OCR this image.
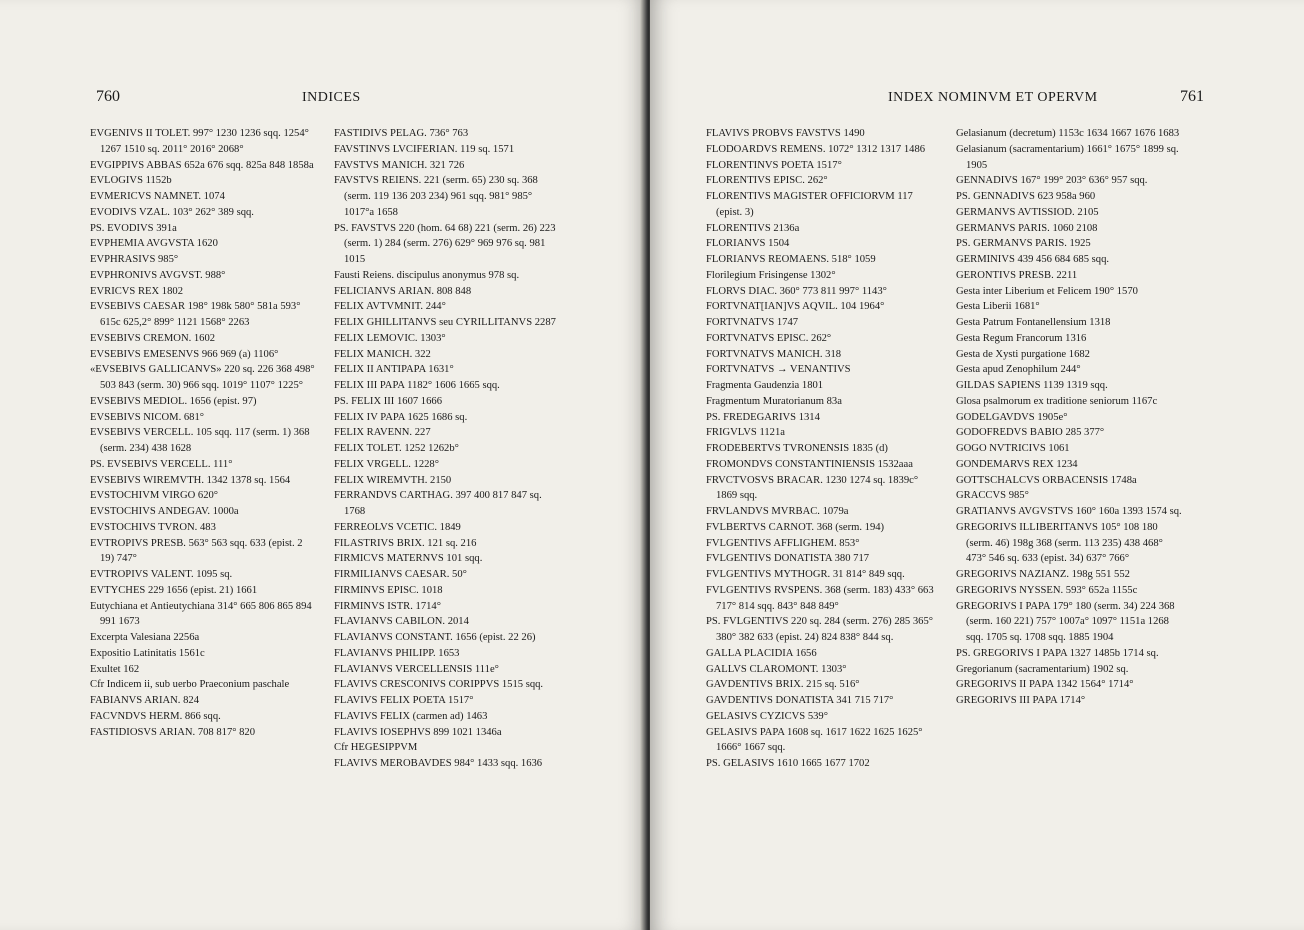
760	INDICES
EVGENIVS II TOLET. 997° 1230 1236 sqq. 1254° 1267 1510 sq. 2011° 2016° 2068°
EVGIPPIVS ABBAS 652a 676 sqq. 825a 848 1858a
EVLOGIVS 1152b
EVMERICVS NAMNET. 1074
EVODIVS VZAL. 103° 262° 389 sqq.
PS. EVODIVS 391a
EVPHEMIA AVGVSTA 1620
EVPHRASIVS 985°
EVPHRONIVS AVGVST. 988°
EVRICVS REX 1802
EVSEBIVS CAESAR 198° 198k 580° 581a 593° 615c 625,2° 899° 1121 1568° 2263
EVSEBIVS CREMON. 1602
EVSEBIVS EMESENVS 966 969 (a) 1106°
«EVSEBIVS GALLICANVS» 220 sq. 226 368 498° 503 843 (serm. 30) 966 sqq. 1019° 1107° 1225°
EVSEBIVS MEDIOL. 1656 (epist. 97)
EVSEBIVS NICOM. 681°
EVSEBIVS VERCELL. 105 sqq. 117 (serm. 1) 368 (serm. 234) 438 1628
PS. EVSEBIVS VERCELL. 111°
EVSEBIVS WIREMVTH. 1342 1378 sq. 1564
EVSTOCHIVM VIRGO 620°
EVSTOCHIVS ANDEGAV. 1000a
EVSTOCHIVS TVRON. 483
EVTROPIVS PRESB. 563° 563 sqq. 633 (epist. 2 19) 747°
EVTROPIVS VALENT. 1095 sq.
EVTYCHES 229 1656 (epist. 21) 1661
Eutychiana et Antieutychiana 314° 665 806 865 894 991 1673
Excerpta Valesiana 2256a
Expositio Latinitatis 1561c
Exultet 162
Cfr Indicem ii, sub uerbo Praeconium paschale
FABIANVS ARIAN. 824
FACVNDVS HERM. 866 sqq.
FASTIDIOSVS ARIAN. 708 817° 820
FASTIDIVS PELAG. 736° 763
FAVSTINVS LVCIFERIAN. 119 sq. 1571
FAVSTVS MANICH. 321 726
FAVSTVS REIENS. 221 (serm. 65) 230 sq. 368 (serm. 119 136 203 234) 961 sqq. 981° 985° 1017°a 1658
PS. FAVSTVS 220 (hom. 64 68) 221 (serm. 26) 223 (serm. 1) 284 (serm. 276) 629° 969 976 sq. 981 1015
Fausti Reiens. discipulus anonymus 978 sq.
FELICIANVS ARIAN. 808 848
FELIX AVTVMNIT. 244°
FELIX GHILLITANVS seu CYRILLITANVS 2287
FELIX LEMOVIC. 1303°
FELIX MANICH. 322
FELIX II ANTIPAPA 1631°
FELIX III PAPA 1182° 1606 1665 sqq.
PS. FELIX III 1607 1666
FELIX IV PAPA 1625 1686 sq.
FELIX RAVENN. 227
FELIX TOLET. 1252 1262b°
FELIX VRGELL. 1228°
FELIX WIREMVTH. 2150
FERRANDVS CARTHAG. 397 400 817 847 sq. 1768
FERREOLVS VCETIC. 1849
FILASTRIVS BRIX. 121 sq. 216
FIRMICVS MATERNVS 101 sqq.
FIRMILIANVS CAESAR. 50°
FIRMINVS EPISC. 1018
FIRMINVS ISTR. 1714°
FLAVIANVS CABILON. 2014
FLAVIANVS CONSTANT. 1656 (epist. 22 26)
FLAVIANVS PHILIPP. 1653
FLAVIANVS VERCELLENSIS 111e°
FLAVIVS CRESCONIVS CORIPPVS 1515 sqq.
FLAVIVS FELIX POETA 1517°
FLAVIVS FELIX (carmen ad) 1463
FLAVIVS IOSEPHVS 899 1021 1346a
Cfr HEGESIPPVM
FLAVIVS MEROBAVDES 984° 1433 sqq. 1636
INDEX NOMINVM ET OPERVM	761
FLAVIVS PROBVS FAVSTVS 1490
FLODOARDVS REMENS. 1072° 1312 1317 1486
FLORENTINVS POETA 1517°
FLORENTIVS EPISC. 262°
FLORENTIVS MAGISTER OFFICIORVM 117 (epist. 3)
FLORENTIVS 2136a
FLORIANVS 1504
FLORIANVS REOMAENS. 518° 1059
Florilegium Frisingense 1302°
FLORVS DIAC. 360° 773 811 997° 1143°
FORTVNAT[IAN]VS AQVIL. 104 1964°
FORTVNATVS 1747
FORTVNATVS EPISC. 262°
FORTVNATVS MANICH. 318
FORTVNATVS → VENANTIVS
Fragmenta Gaudenzia 1801
Fragmentum Muratorianum 83a
PS. FREDEGARIVS 1314
FRIGVLVS 1121a
FRODEBERTVS TVRONENSIS 1835 (d)
FROMONDVS CONSTANTINIENSIS 1532aaa
FRVCTVOSVS BRACAR. 1230 1274 sq. 1839c° 1869 sqq.
FRVLANDVS MVRBAC. 1079a
FVLBERTVS CARNOT. 368 (serm. 194)
FVLGENTIVS AFFLIGHEM. 853°
FVLGENTIVS DONATISTA 380 717
FVLGENTIVS MYTHOGR. 31 814° 849 sqq.
FVLGENTIVS RVSPENS. 368 (serm. 183) 433° 663 717° 814 sqq. 843° 848 849°
PS. FVLGENTIVS 220 sq. 284 (serm. 276) 285 365° 380° 382 633 (epist. 24) 824 838° 844 sq.
GALLA PLACIDIA 1656
GALLVS CLAROMONT. 1303°
GAVDENTIVS BRIX. 215 sq. 516°
GAVDENTIVS DONATISTA 341 715 717°
GELASIVS CYZICVS 539°
GELASIVS PAPA 1608 sq. 1617 1622 1625 1625° 1666° 1667 sqq.
PS. GELASIVS 1610 1665 1677 1702
Gelasianum (decretum) 1153c 1634 1667 1676 1683
Gelasianum (sacramentarium) 1661° 1675° 1899 sq. 1905
GENNADIVS 167° 199° 203° 636° 957 sqq.
PS. GENNADIVS 623 958a 960
GERMANVS AVTISSIOD. 2105
GERMANVS PARIS. 1060 2108
PS. GERMANVS PARIS. 1925
GERMINIVS 439 456 684 685 sqq.
GERONTIVS PRESB. 2211
Gesta inter Liberium et Felicem 190° 1570
Gesta Liberii 1681°
Gesta Patrum Fontanellensium 1318
Gesta Regum Francorum 1316
Gesta de Xysti purgatione 1682
Gesta apud Zenophilum 244°
GILDAS SAPIENS 1139 1319 sqq.
Glosa psalmorum ex traditione seniorum 1167c
GODELGAVDVS 1905e°
GODOFREDVS BABIO 285 377°
GOGO NVTRICIVS 1061
GONDEMARVS REX 1234
GOTTSCHALCVS ORBACENSIS 1748a
GRACCVS 985°
GRATIANVS AVGVSTVS 160° 160a 1393 1574 sq.
GREGORIVS ILLIBERITANVS 105° 108 180 (serm. 46) 198g 368 (serm. 113 235) 438 468° 473° 546 sq. 633 (epist. 34) 637° 766°
GREGORIVS NAZIANZ. 198g 551 552
GREGORIVS NYSSEN. 593° 652a 1155c
GREGORIVS I PAPA 179° 180 (serm. 34) 224 368 (serm. 160 221) 757° 1007a° 1097° 1151a 1268 sqq. 1705 sq. 1708 sqq. 1885 1904
PS. GREGORIVS I PAPA 1327 1485b 1714 sq.
Gregorianum (sacramentarium) 1902 sq.
GREGORIVS II PAPA 1342 1564° 1714°
GREGORIVS III PAPA 1714°
